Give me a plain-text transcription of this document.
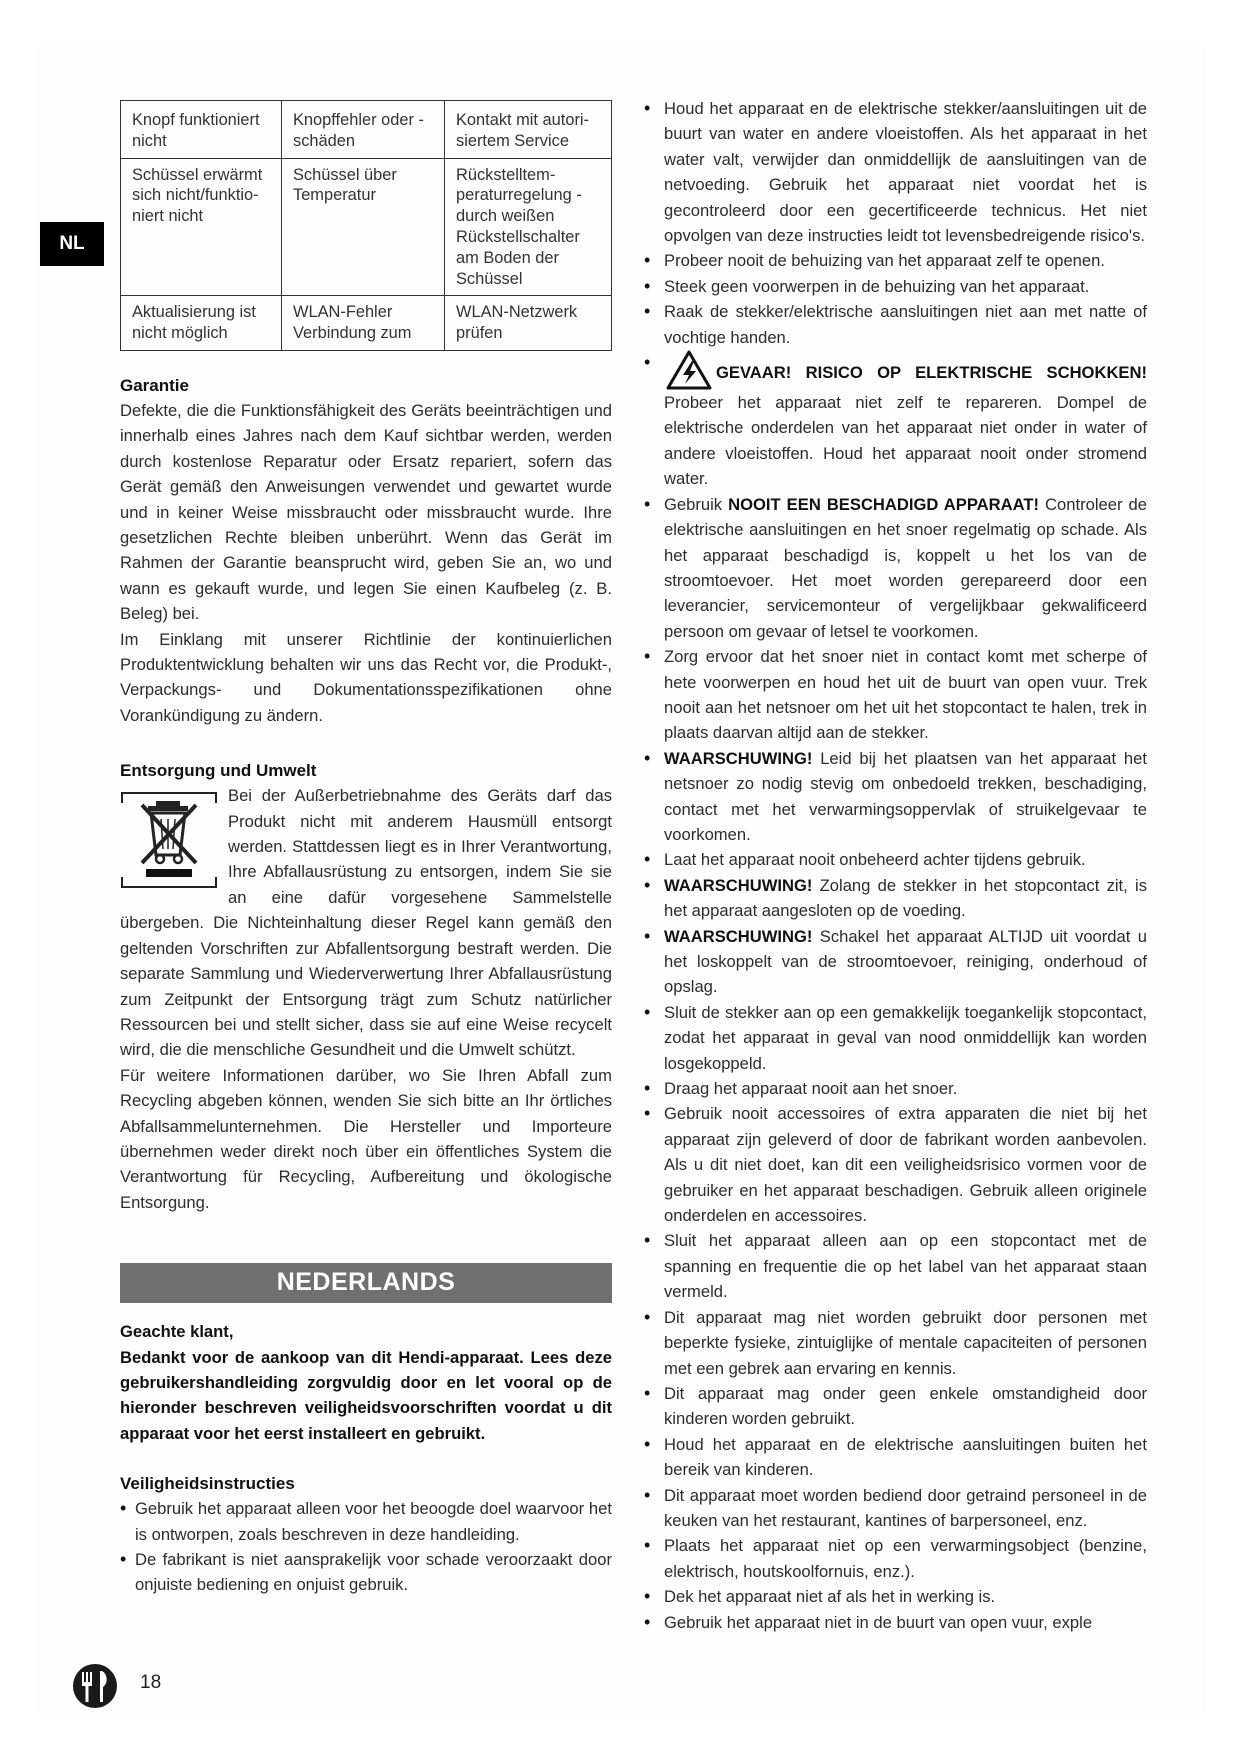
NL
Knopf funktioniert nicht	Knopffehler oder -schäden	Kontakt mit autori-siertem Service
Schüssel erwärmt sich nicht/funktio-niert nicht	Schüssel über Temperatur	Rückstelltem-peraturregelung - durch weißen Rückstellschalter am Boden der Schüssel
Aktualisierung ist nicht möglich	WLAN-Fehler Verbindung zum	WLAN-Netzwerk prüfen
Garantie

Defekte, die die Funktionsfähigkeit des Geräts beeinträchtigen und innerhalb eines Jahres nach dem Kauf sichtbar werden, werden durch kostenlose Reparatur oder Ersatz repariert, sofern das Gerät gemäß den Anweisungen verwendet und gewartet wurde und in keiner Weise missbraucht oder missbraucht wurde. Ihre gesetzlichen Rechte bleiben unberührt. Wenn das Gerät im Rahmen der Garantie beansprucht wird, geben Sie an, wo und wann es gekauft wurde, und legen Sie einen Kaufbeleg (z. B. Beleg) bei.

Im Einklang mit unserer Richtlinie der kontinuierlichen Produktentwicklung behalten wir uns das Recht vor, die Produkt-, Verpackungs- und Dokumentationsspezifikationen ohne Vorankündigung zu ändern.

Entsorgung und Umwelt

Bei der Außerbetriebnahme des Geräts darf das Produkt nicht mit anderem Hausmüll entsorgt werden. Stattdessen liegt es in Ihrer Verantwortung, Ihre Abfallausrüstung zu entsorgen, indem Sie sie an eine dafür vorgesehene Sammelstelle übergeben. Die Nichteinhaltung dieser Regel kann gemäß den geltenden Vorschriften zur Abfallentsorgung bestraft werden. Die separate Sammlung und Wiederverwertung Ihrer Abfallausrüstung zum Zeitpunkt der Entsorgung trägt zum Schutz natürlicher Ressourcen bei und stellt sicher, dass sie auf eine Weise recycelt wird, die die menschliche Gesundheit und die Umwelt schützt.

Für weitere Informationen darüber, wo Sie Ihren Abfall zum Recycling abgeben können, wenden Sie sich bitte an Ihr örtliches Abfallsammelunternehmen. Die Hersteller und Importeure übernehmen weder direkt noch über ein öffentliches System die Verantwortung für Recycling, Aufbereitung und ökologische Entsorgung.

NEDERLANDS

Geachte klant,

Bedankt voor de aankoop van dit Hendi-apparaat. Lees deze gebruikershandleiding zorgvuldig door en let vooral op de hieronder beschreven veiligheidsvoorschriften voordat u dit apparaat voor het eerst installeert en gebruikt.

Veiligheidsinstructies
• Gebruik het apparaat alleen voor het beoogde doel waarvoor het is ontworpen, zoals beschreven in deze handleiding.
• De fabrikant is niet aansprakelijk voor schade veroorzaakt door onjuiste bediening en onjuist gebruik.
• Houd het apparaat en de elektrische stekker/aansluitingen uit de buurt van water en andere vloeistoffen. Als het apparaat in het water valt, verwijder dan onmiddellijk de aansluitingen van de netvoeding. Gebruik het apparaat niet voordat het is gecontroleerd door een gecertificeerde technicus. Het niet opvolgen van deze instructies leidt tot levensbedreigende risico's.
• Probeer nooit de behuizing van het apparaat zelf te openen.
• Steek geen voorwerpen in de behuizing van het apparaat.
• Raak de stekker/elektrische aansluitingen niet aan met natte of vochtige handen.
• GEVAAR! RISICO OP ELEKTRISCHE SCHOKKEN! Probeer het apparaat niet zelf te repareren. Dompel de elektrische onderdelen van het apparaat niet onder in water of andere vloeistoffen. Houd het apparaat nooit onder stromend water.
• Gebruik NOOIT EEN BESCHADIGD APPARAAT! Controleer de elektrische aansluitingen en het snoer regelmatig op schade. Als het apparaat beschadigd is, koppelt u het los van de stroomtoevoer. Het moet worden gerepareerd door een leverancier, servicemonteur of vergelijkbaar gekwalificeerd persoon om gevaar of letsel te voorkomen.
• Zorg ervoor dat het snoer niet in contact komt met scherpe of hete voorwerpen en houd het uit de buurt van open vuur. Trek nooit aan het netsnoer om het uit het stopcontact te halen, trek in plaats daarvan altijd aan de stekker.
• WAARSCHUWING! Leid bij het plaatsen van het apparaat het netsnoer zo nodig stevig om onbedoeld trekken, beschadiging, contact met het verwarmingsoppervlak of struikelgevaar te voorkomen.
• Laat het apparaat nooit onbeheerd achter tijdens gebruik.
• WAARSCHUWING! Zolang de stekker in het stopcontact zit, is het apparaat aangesloten op de voeding.
• WAARSCHUWING! Schakel het apparaat ALTIJD uit voordat u het loskoppelt van de stroomtoevoer, reiniging, onderhoud of opslag.
• Sluit de stekker aan op een gemakkelijk toegankelijk stopcontact, zodat het apparaat in geval van nood onmiddellijk kan worden losgekoppeld.
• Draag het apparaat nooit aan het snoer.
• Gebruik nooit accessoires of extra apparaten die niet bij het apparaat zijn geleverd of door de fabrikant worden aanbevolen. Als u dit niet doet, kan dit een veiligheidsrisico vormen voor de gebruiker en het apparaat beschadigen. Gebruik alleen originele onderdelen en accessoires.
• Sluit het apparaat alleen aan op een stopcontact met de spanning en frequentie die op het label van het apparaat staan vermeld.
• Dit apparaat mag niet worden gebruikt door personen met beperkte fysieke, zintuiglijke of mentale capaciteiten of personen met een gebrek aan ervaring en kennis.
• Dit apparaat mag onder geen enkele omstandigheid door kinderen worden gebruikt.
• Houd het apparaat en de elektrische aansluitingen buiten het bereik van kinderen.
• Dit apparaat moet worden bediend door getraind personeel in de keuken van het restaurant, kantines of barpersoneel, enz.
• Plaats het apparaat niet op een verwarmingsobject (benzine, elektrisch, houtskoolfornuis, enz.).
• Dek het apparaat niet af als het in werking is.
• Gebruik het apparaat niet in de buurt van open vuur, exple
18
